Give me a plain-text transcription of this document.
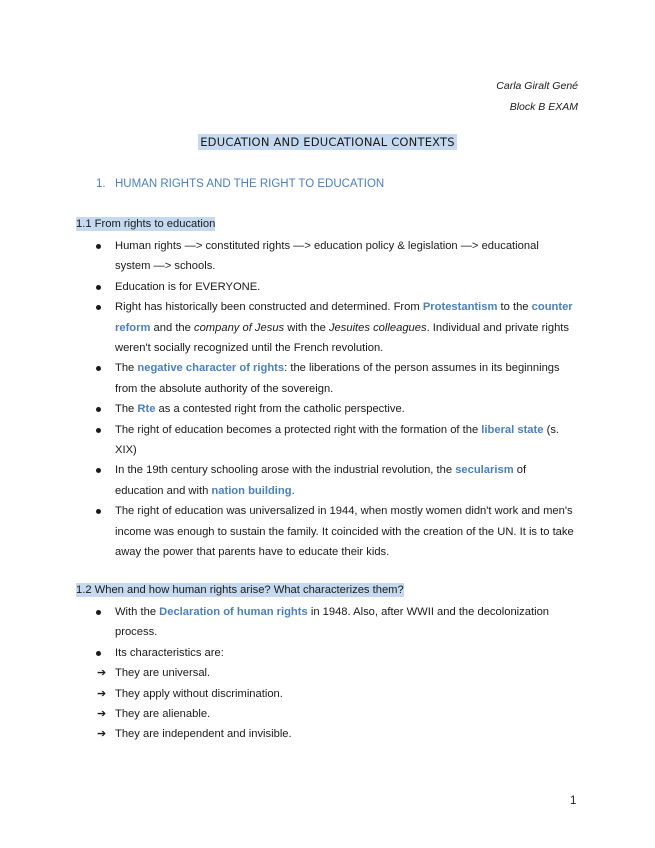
Carla Giralt Gené
Block B EXAM
EDUCATION AND EDUCATIONAL CONTEXTS
1. HUMAN RIGHTS AND THE RIGHT TO EDUCATION
1.1 From rights to education
Human rights —> constituted rights —> education policy & legislation —> educational system —> schools.
Education is for EVERYONE.
Right has historically been constructed and determined. From Protestantism to the counter reform and the company of Jesus with the Jesuites colleagues. Individual and private rights weren't socially recognized until the French revolution.
The negative character of rights: the liberations of the person assumes in its beginnings from the absolute authority of the sovereign.
The Rte as a contested right from the catholic perspective.
The right of education becomes a protected right with the formation of the liberal state (s. XIX)
In the 19th century schooling arose with the industrial revolution, the secularism of education and with nation building.
The right of education was universalized in 1944, when mostly women didn't work and men's income was enough to sustain the family. It coincided with the creation of the UN. It is to take away the power that parents have to educate their kids.
1.2 When and how human rights arise? What characterizes them?
With the Declaration of human rights in 1948. Also, after WWII and the decolonization process.
Its characteristics are:
➔ They are universal.
➔ They apply without discrimination.
➔ They are alienable.
➔ They are independent and invisible.
1
